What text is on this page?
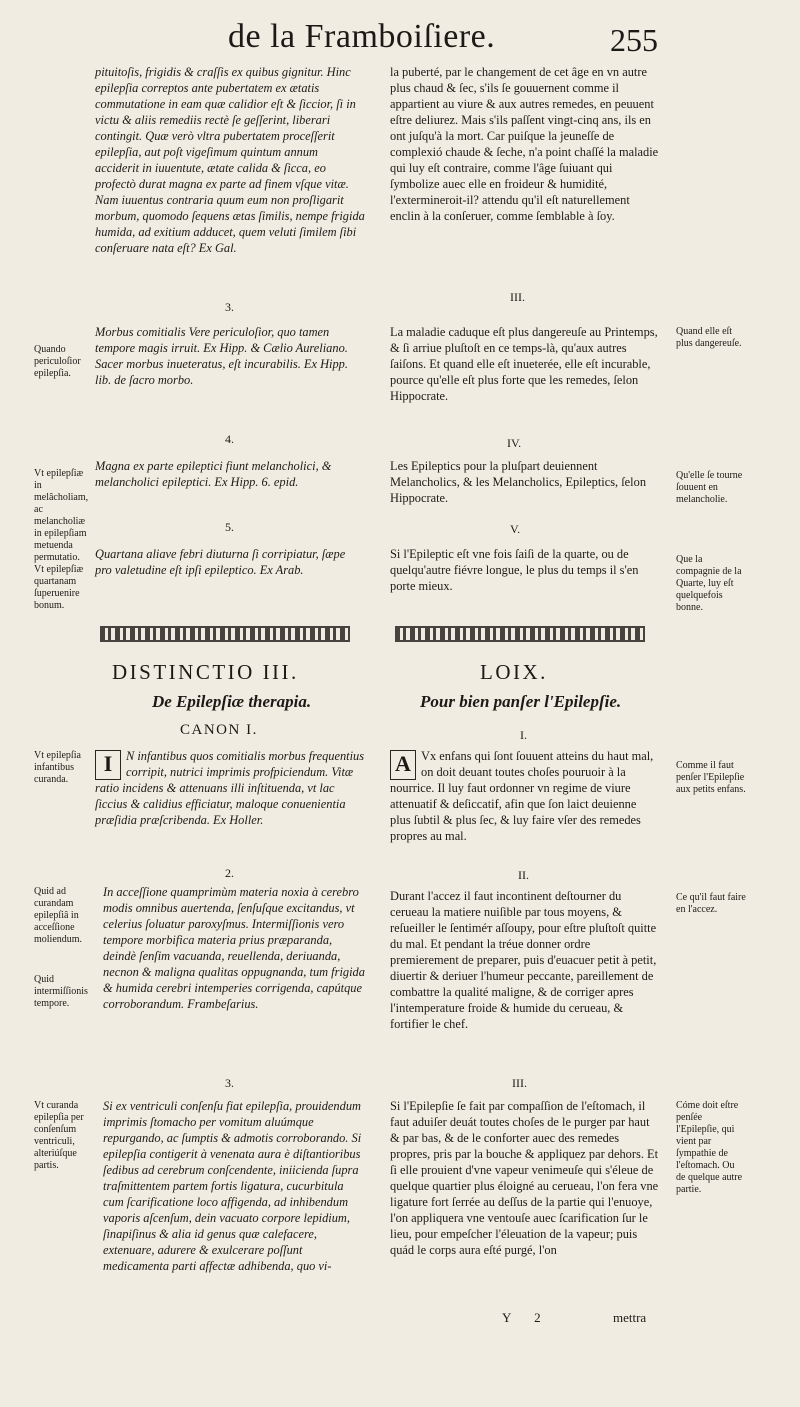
de la Framboiſiere.	255
pituitoſis, frigidis & craſſis ex quibus gignitur. Hinc epilepſia correptos ante pubertatem ex ætatis commutatione in eam quæ calidior eſt & ſiccior, ſi in victu & aliis remediis rectè ſe geſſerint, liberari contingit. Quæ verò vltra pubertatem proceſſerit epilepſia, aut poſt vigeſimum quintum annum acciderit in iuuentute, ætate calida & ſicca, eo profectò durat magna ex parte ad finem vſque vitæ. Nam iuuentus contraria quum eum non proſligarit morbum, quomodo ſequens ætas ſimilis, nempe frigida humida, ad exitium adducet, quem veluti ſimilem ſibi conſeruare nata eſt? Ex Gal.
3.
Morbus comitialis Vere periculoſior, quo tamen tempore magis irruit. Ex Hipp. & Cælio Aureliano. Sacer morbus inueteratus, eſt incurabilis. Ex Hipp. lib. de ſacro morbo.
4.
Magna ex parte epileptici fiunt melancholici, & melancholici epileptici. Ex Hipp. 6. epid.
5.
Quartana aliave febri diuturna ſi corripiatur, ſæpe pro valetudine eſt ipſi epileptico. Ex Arab.
DISTINCTIO III.
De Epilepſiæ therapia.
CANON I.
I	N infantibus quos comitialis morbus frequentius corripit, nutrici imprimis profpiciendum. Vitæ ratio incidens & attenuans illi inſtituenda, vt lac ſiccius & calidius efficiatur, maloque conuenientia præſidia præſcribenda. Ex Holler.
2.
In acceſſione quamprimùm materia noxia à cerebro modis omnibus auertenda, ſenſuſque excitandus, vt celerius ſoluatur paroxyſmus. Intermiſſionis vero tempore morbifica materia prius præparanda, deindè ſenſim vacuanda, reuellenda, deriuanda, necnon & maligna qualitas oppugnanda, tum frigida & humida cerebri intemperies corrigenda, capútque corroborandum. Frambeſarius.
3.
Si ex ventriculi conſenſu fiat epilepſia, prouidendum imprimis ſtomacho per vomitum aluúmque repurgando, ac ſumptis & admotis corroborando. Si epilepſia contigerit à venenata aura è diſtantioribus ſedibus ad cerebrum conſcendente, iniicienda ſupra traſmittentem partem fortis ligatura, cucurbitula cum ſcarificatione loco affigenda, ad inhibendum vaporis aſcenſum, dein vacuato corpore lepidium, ſinapiſinus & alia id genus quæ calefacere, extenuare, adurere & exulcerare poſſunt medicamenta parti affectæ adhibenda, quo vi-
la puberté, par le changement de cet âge en vn autre plus chaud & ſec, s'ils ſe gouuernent comme il appartient au viure & aux autres remedes, en peuuent eſtre deliurez. Mais s'ils paſſent vingt-cinq ans, ils en ont juſqu'à la mort. Car puiſque la jeuneſſe de complexió chaude & ſeche, n'a point chaſſé la maladie qui luy eſt contraire, comme l'âge ſuiuant qui ſymbolize auec elle en froideur & humidité, l'extermineroit-il? attendu qu'il eſt naturellement enclin à la conſeruer, comme ſemblable à ſoy.
III.
La maladie caduque eſt plus dangereuſe au Printemps, & ſi arriue pluſtoſt en ce temps-là, qu'aux autres ſaiſons. Et quand elle eſt inueterée, elle eſt incurable, pource qu'elle eſt plus forte que les remedes, ſelon Hippocrate.
IV.
Les Epileptics pour la pluſpart deuiennent Melancholics, & les Melancholics, Epileptics, ſelon Hippocrate.
V.
Si l'Epileptic eſt vne fois ſaiſi de la quarte, ou de quelqu'autre fiévre longue, le plus du temps il s'en porte mieux.
LOIX.
Pour bien panſer l'Epilepſie.
I.
A Vx enfans qui ſont ſouuent atteins du haut mal, on doit deuant toutes choſes pouruoir à la nourrice. Il luy faut ordonner vn regime de viure attenuatif & deſiccatif, afin que ſon laict deuienne plus ſubtil & plus ſec, & luy faire vſer des remedes propres au mal.
II.
Durant l'accez il faut incontinent deſtourner du cerueau la matiere nuiſible par tous moyens, & reſueiller le ſentiméт aſſoupy, pour eſtre pluſtoſt quitte du mal. Et pendant la tréue donner ordre premierement de preparer, puis d'euacuer petit à petit, diuertir & deriuer l'humeur peccante, pareillement de combattre la qualité maligne, & de corriger apres l'intemperature froide & humide du cerueau, & fortifier le chef.
III.
Si l'Epilepſie ſe fait par compaſſion de l'eſtomach, il faut aduiſer deuát toutes choſes de le purger par haut & par bas, & de le conforter auec des remedes propres, pris par la bouche & appliquez par dehors. Et ſi elle prouient d'vne vapeur venimeuſe qui s'éleue de quelque quartier plus éloigné au cerueau, l'on fera vne ligature fort ſerrée au deſſus de la partie qui l'enuoye, l'on appliquera vne ventouſe auec ſcarification ſur le lieu, pour empeſcher l'éleuation de la vapeur; puis quád le corps aura eſté purgé, l'on
Quando periculoſior epilepſia.
Vt epilepſiæ in melâcholiam, ac melancholiæ in epilepſiam metuenda permutatio. Vt epilepſiæ quartanam ſuperuenire bonum.
Vt epilepſia infantibus curanda.
Quid ad curandam epilepſiâ in acceſſione moliendum.
Quid intermiſſionis tempore.
Vt curanda epilepſia per conſenſum ventriculi, alteriúſque partis.
Quand elle eſt plus dangereuſe.
Qu'elle ſe tourne ſouuent en melancholie.
Que la compagnie de la Quarte, luy eſt quelquefois bonne.
Comme il faut penſer l'Epilepſie aux petits enfans.
Ce qu'il faut faire en l'accez.
Cóme doit eſtre penſée l'Epilepſie, qui vient par ſympathie de l'eſtomach. Ou de quelque autre partie.
Y 2	mettra
